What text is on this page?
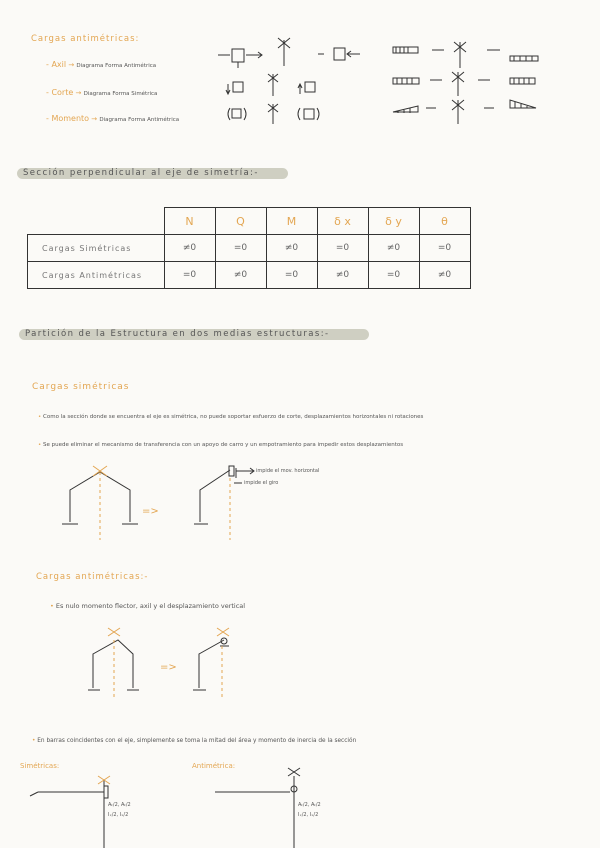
Cargas antimétricas:
- Axil → Diagrama Forma Antimétrica
- Corte → Diagrama Forma Simétrica
- Momento → Diagrama Forma Antimétrica
Sección perpendicular al eje de simetría:-
	N	Q	M	δ x	δ y	θ
Cargas Simétricas	≠0	=0	≠0	=0	≠0	=0
Cargas Antimétricas	=0	≠0	=0	≠0	=0	≠0
Partición de la Estructura en dos medias estructuras:-
Cargas simétricas
• Como la sección donde se encuentra el eje es simétrica, no puede soportar esfuerzo de corte, desplazamientos horizontales ni rotaciones
• Se puede eliminar el mecanismo de transferencia con un apoyo de carro y un empotramiento para impedir estos desplazamientos
impide el mov. horizontal
impide el giro
=>
Cargas antimétricas:-
• Es nulo momento flector, axil y el desplazamiento vertical
=>
• En barras coincidentes con el eje, simplemente se toma la mitad del área y momento de inercia de la sección
Simétricas:	Antimétrica:
Aₜ/2, Aₜ/2
Iₓ/2, Iₓ/2
Aₜ/2, Aₜ/2
Iₓ/2, Iₓ/2
